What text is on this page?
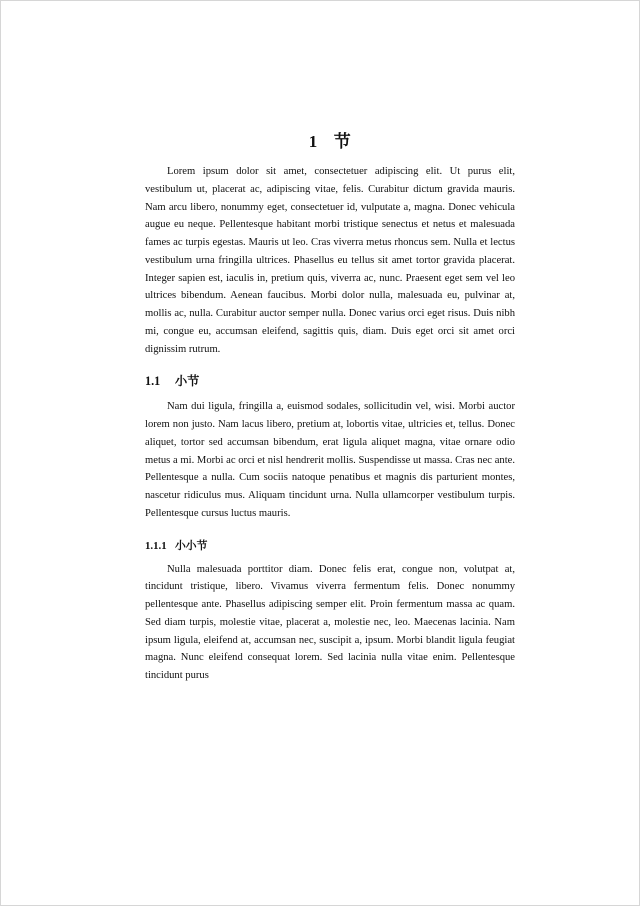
1 节

Lorem ipsum dolor sit amet, consectetuer adipiscing elit. Ut purus elit, vestibulum ut, placerat ac, adipiscing vitae, felis. Curabitur dictum gravida mauris. Nam arcu libero, nonummy eget, consectetuer id, vulputate a, magna. Donec vehicula augue eu neque. Pellentesque habitant morbi tristique senectus et netus et malesuada fames ac turpis egestas. Mauris ut leo. Cras viverra metus rhoncus sem. Nulla et lectus vestibulum urna fringilla ultrices. Phasellus eu tellus sit amet tortor gravida placerat. Integer sapien est, iaculis in, pretium quis, viverra ac, nunc. Praesent eget sem vel leo ultrices bibendum. Aenean faucibus. Morbi dolor nulla, malesuada eu, pulvinar at, mollis ac, nulla. Curabitur auctor semper nulla. Donec varius orci eget risus. Duis nibh mi, congue eu, accumsan eleifend, sagittis quis, diam. Duis eget orci sit amet orci dignissim rutrum.

1.1 小节

Nam dui ligula, fringilla a, euismod sodales, sollicitudin vel, wisi. Morbi auctor lorem non justo. Nam lacus libero, pretium at, lobortis vitae, ultricies et, tellus. Donec aliquet, tortor sed accumsan bibendum, erat ligula aliquet magna, vitae ornare odio metus a mi. Morbi ac orci et nisl hendrerit mollis. Suspendisse ut massa. Cras nec ante. Pellentesque a nulla. Cum sociis natoque penatibus et magnis dis parturient montes, nascetur ridiculus mus. Aliquam tincidunt urna. Nulla ullamcorper vestibulum turpis. Pellentesque cursus luctus mauris.

1.1.1 小小节

Nulla malesuada porttitor diam. Donec felis erat, congue non, volutpat at, tincidunt tristique, libero. Vivamus viverra fermentum felis. Donec nonummy pellentesque ante. Phasellus adipiscing semper elit. Proin fermentum massa ac quam. Sed diam turpis, molestie vitae, placerat a, molestie nec, leo. Maecenas lacinia. Nam ipsum ligula, eleifend at, accumsan nec, suscipit a, ipsum. Morbi blandit ligula feugiat magna. Nunc eleifend consequat lorem. Sed lacinia nulla vitae enim. Pellentesque tincidunt purus
